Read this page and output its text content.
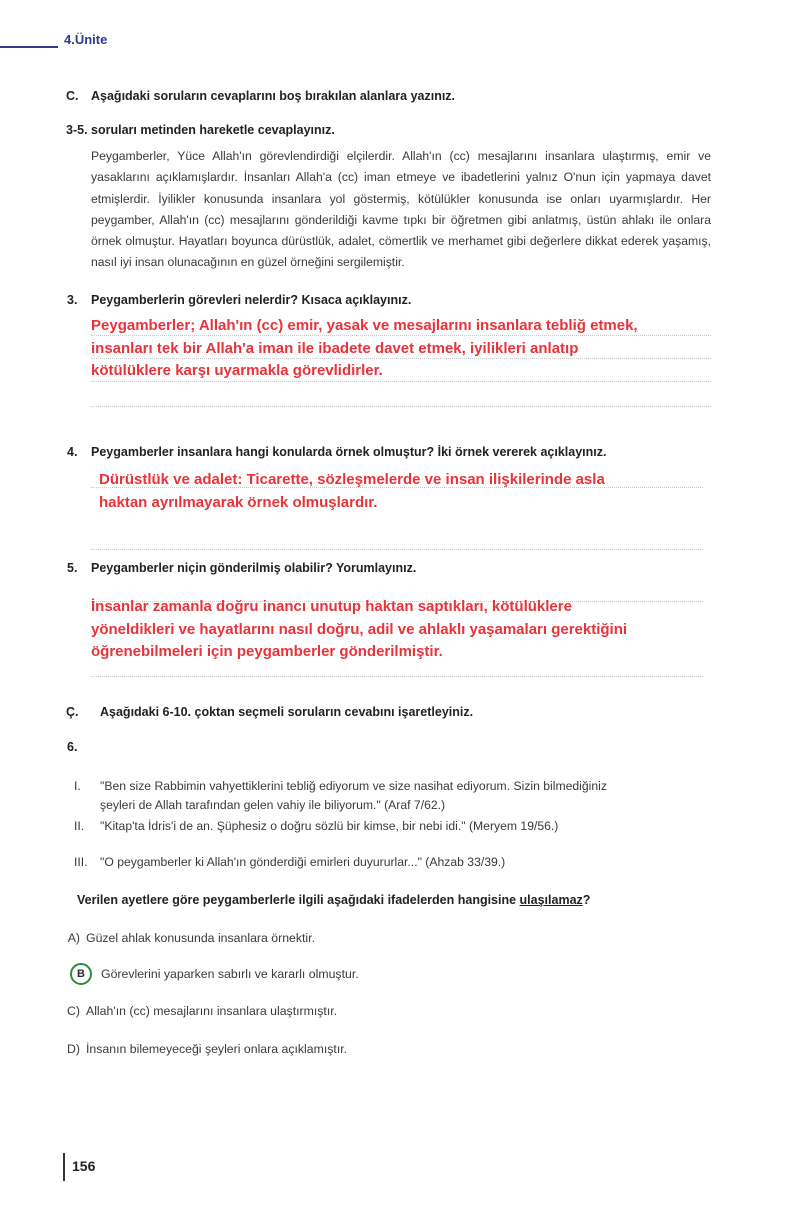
4.Ünite
C. Aşağıdaki soruların cevaplarını boş bırakılan alanlara yazınız.
3-5. soruları metinden hareketle cevaplayınız.
Peygamberler, Yüce Allah'ın görevlendirdiği elçilerdir. Allah'ın (cc) mesajlarını insanlara ulaştırmış, emir ve yasaklarını açıklamışlardır. İnsanları Allah'a (cc) iman etmeye ve ibadetlerini yalnız O'nun için yapmaya davet etmişlerdir. İyilikler konusunda insanlara yol göstermiş, kötülükler konusunda ise onları uyarmışlardır. Her peygamber, Allah'ın (cc) mesajlarını gönderildiği kavme tıpkı bir öğretmen gibi anlatmış, üstün ahlakı ile onlara örnek olmuştur. Hayatları boyunca dürüstlük, adalet, cömertlik ve merhamet gibi değerlere dikkat ederek yaşamış, nasıl iyi insan olunacağının en güzel örneğini sergilemiştir.
3. Peygamberlerin görevleri nelerdir? Kısaca açıklayınız.
Peygamberler; Allah'ın (cc) emir, yasak ve mesajlarını insanlara tebliğ etmek,
insanları tek bir Allah'a iman ile ibadete davet etmek, iyilikleri anlatıp
kötülüklere karşı uyarmakla görevlidirler.
4. Peygamberler insanlara hangi konularda örnek olmuştur? İki örnek vererek açıklayınız.
Dürüstlük ve adalet: Ticarette, sözleşmelerde ve insan ilişkilerinde asla
haktan ayrılmayarak örnek olmuşlardır.
5. Peygamberler niçin gönderilmiş olabilir? Yorumlayınız.
İnsanlar zamanla doğru inancı unutup haktan saptıkları, kötülüklere
yöneldikleri ve hayatlarını nasıl doğru, adil ve ahlaklı yaşamaları gerektiğini
öğrenebilmeleri için peygamberler gönderilmiştir.
Ç. Aşağıdaki 6-10. çoktan seçmeli soruların cevabını işaretleyiniz.
6.
I. "Ben size Rabbimin vahyettiklerini tebliğ ediyorum ve size nasihat ediyorum. Sizin bilmediğiniz
şeyleri de Allah tarafından gelen vahiy ile biliyorum." (Araf 7/62.)
II. "Kitap'ta İdris'i de an. Şüphesiz o doğru sözlü bir kimse, bir nebi idi." (Meryem 19/56.)
III. "O peygamberler ki Allah'ın gönderdiği emirleri duyururlar..." (Ahzab 33/39.)
Verilen ayetlere göre peygamberlerle ilgili aşağıdaki ifadelerden hangisine ulaşılamaz?
A) Güzel ahlak konusunda insanlara örnektir.
B	Görevlerini yaparken sabırlı ve kararlı olmuştur.
C) Allah'ın (cc) mesajlarını insanlara ulaştırmıştır.
D) İnsanın bilemeyeceği şeyleri onlara açıklamıştır.
156
